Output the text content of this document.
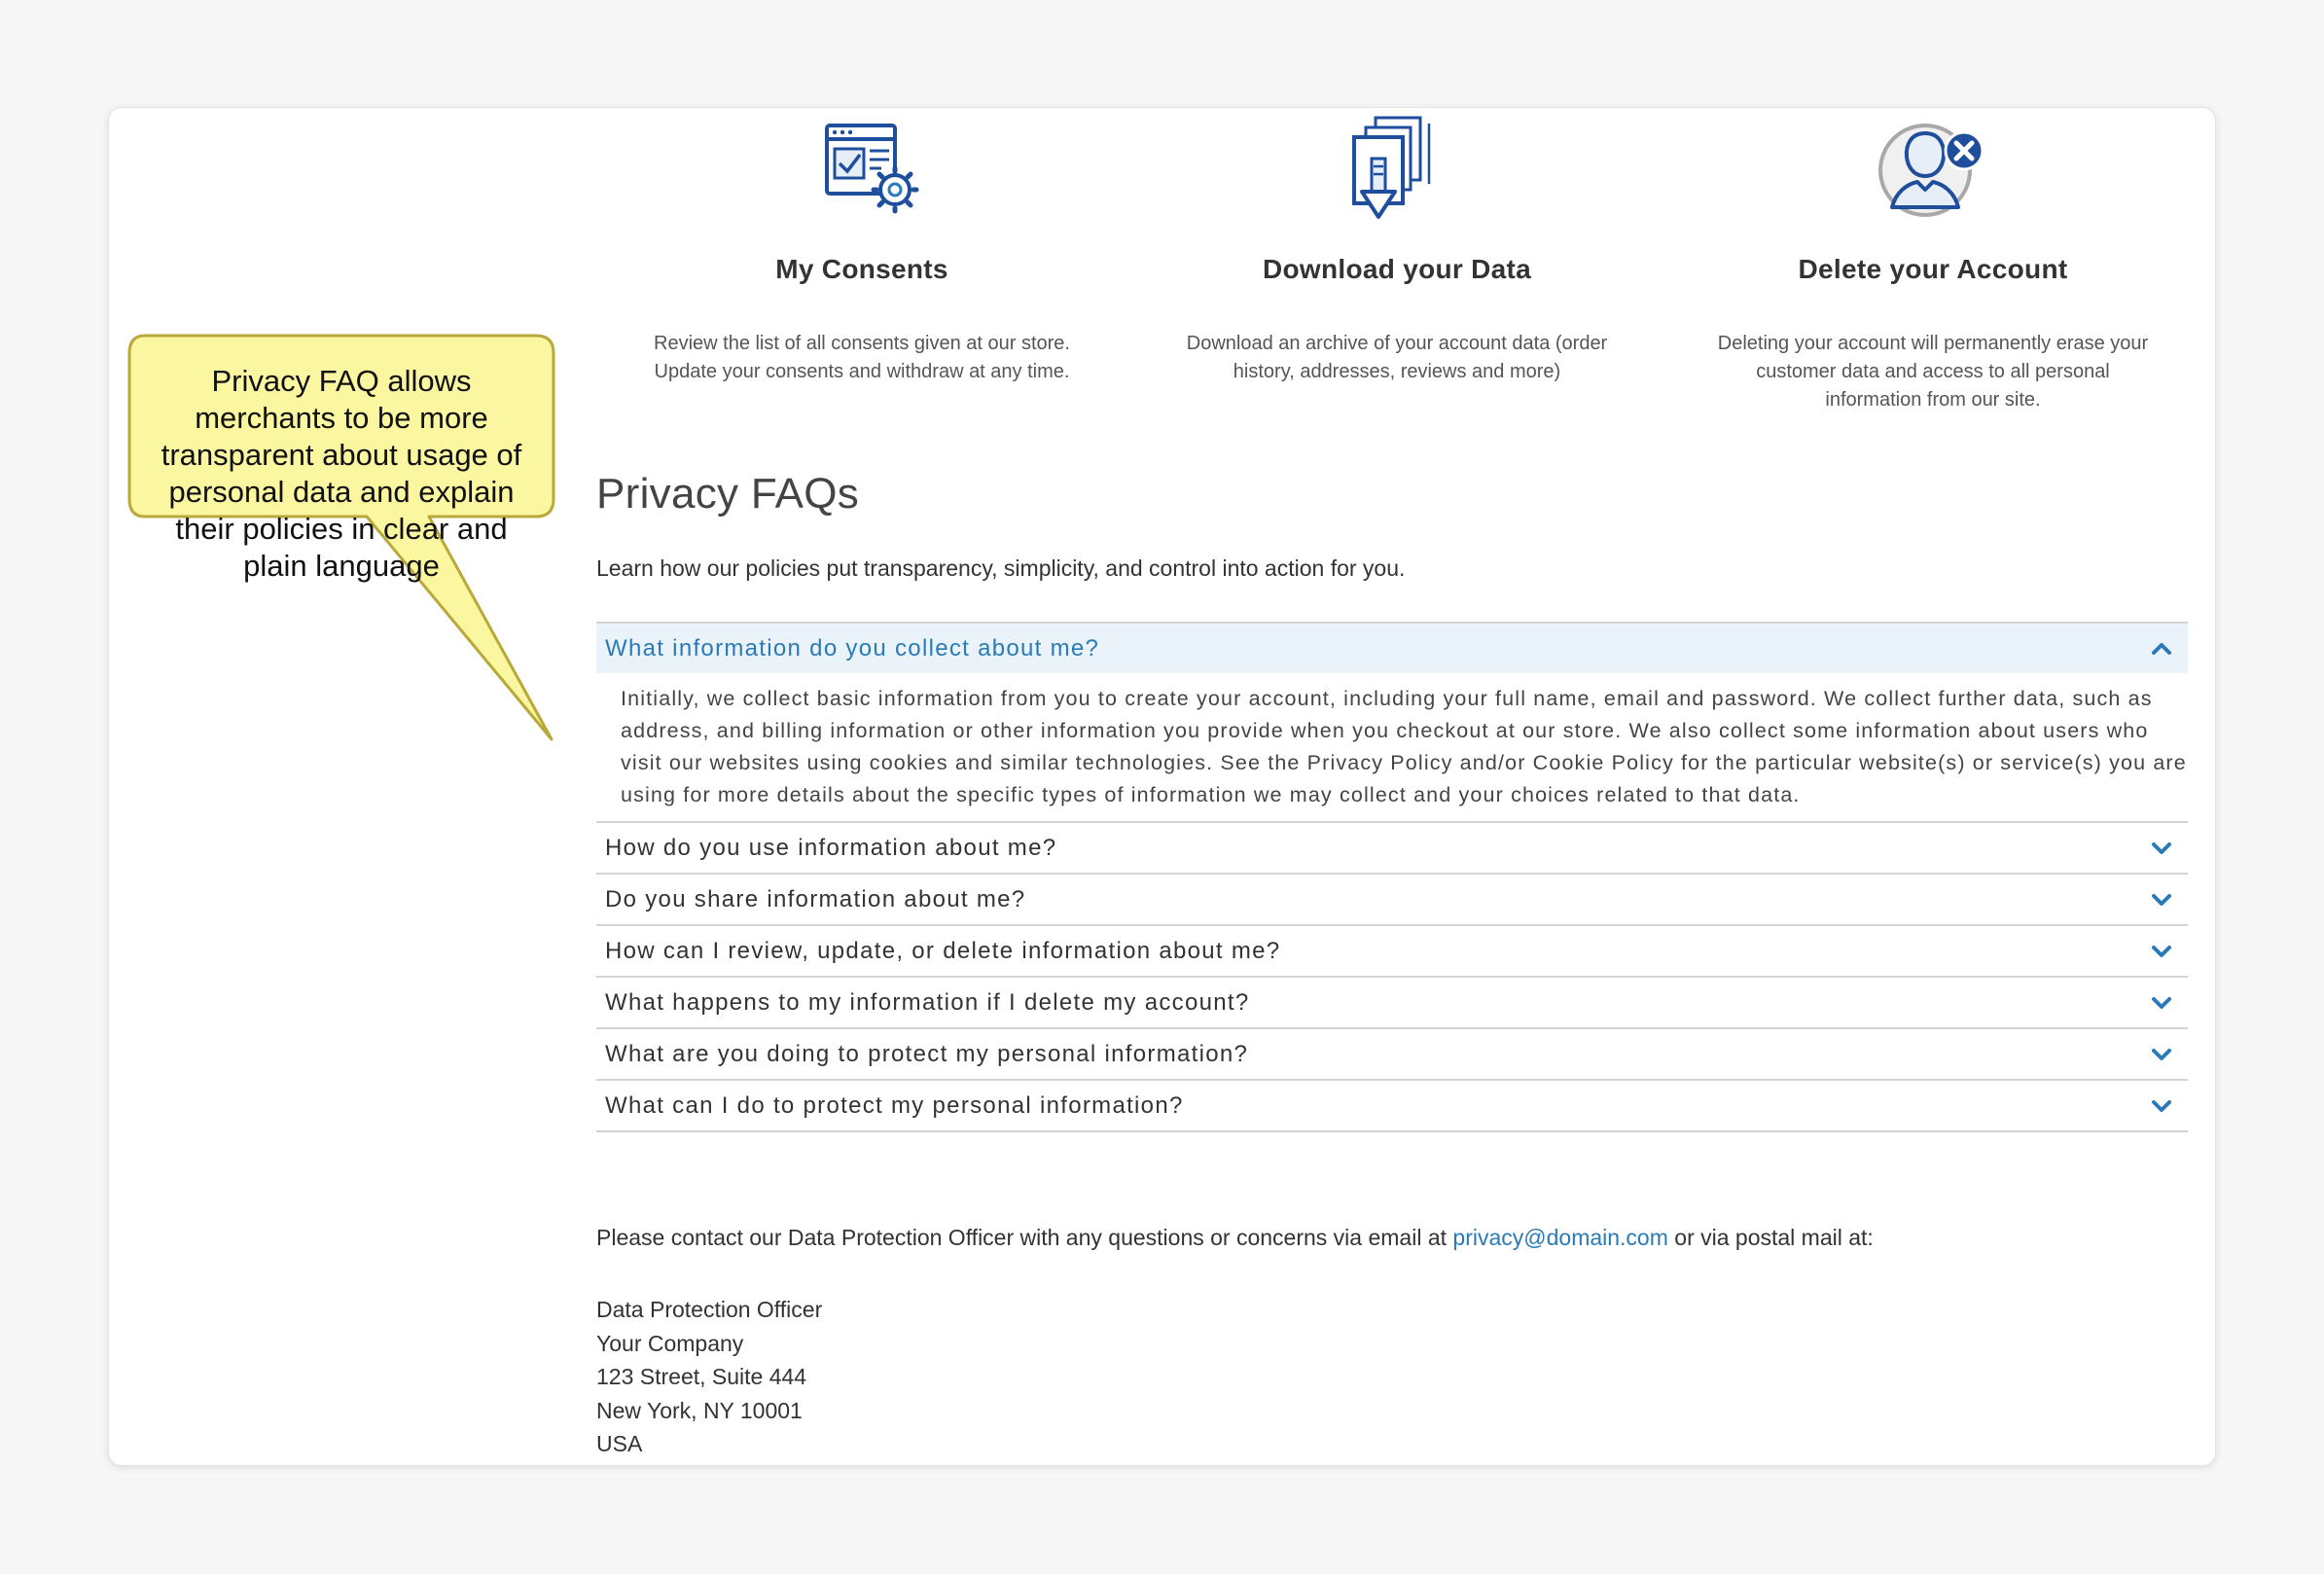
My Consents
Review the list of all consents given at our store. Update your consents and withdraw at any time.
Download your Data
Download an archive of your account data (order history, addresses, reviews and more)
Delete your Account
Deleting your account will permanently erase your customer data and access to all personal information from our site.
Privacy FAQs
Learn how our policies put transparency, simplicity, and control into action for you.
What information do you collect about me?
Initially, we collect basic information from you to create your account, including your full name, email and password. We collect further data, such as address, and billing information or other information you provide when you checkout at our store. We also collect some information about users who visit our websites using cookies and similar technologies. See the Privacy Policy and/or Cookie Policy for the particular website(s) or service(s) you are using for more details about the specific types of information we may collect and your choices related to that data.
How do you use information about me?
Do you share information about me?
How can I review, update, or delete information about me?
What happens to my information if I delete my account?
What are you doing to protect my personal information?
What can I do to protect my personal information?
Please contact our Data Protection Officer with any questions or concerns via email at privacy@domain.com or via postal mail at:
Data Protection Officer
Your Company
123 Street, Suite 444
New York, NY 10001
USA
Privacy FAQ allows merchants to be more transparent about usage of personal data and explain their policies in clear and plain language
